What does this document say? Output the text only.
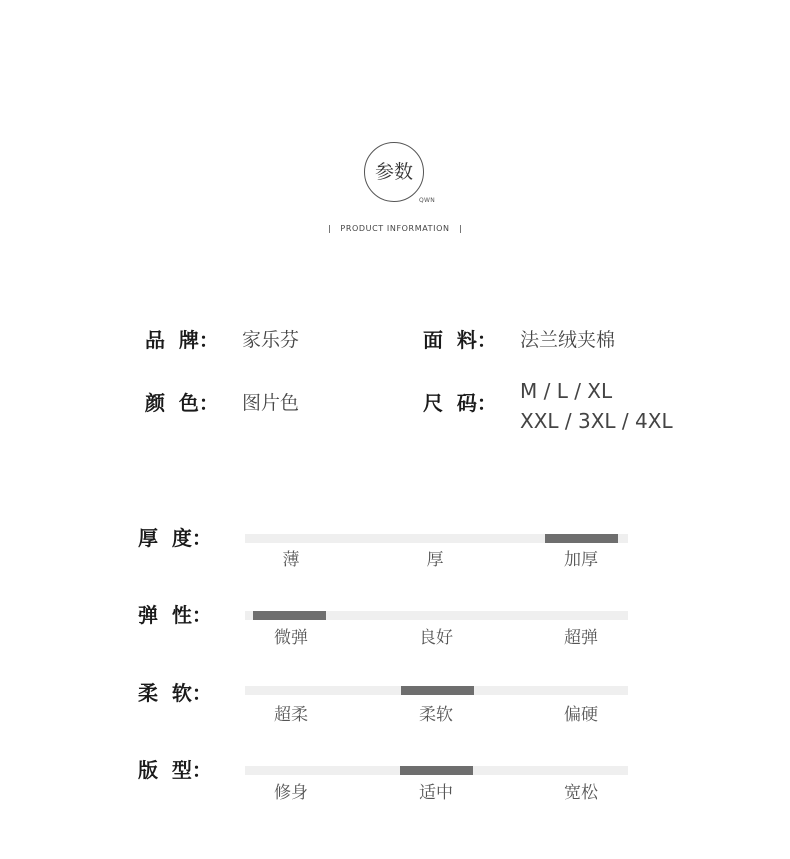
参数
QWN
PRODUCT INFORMATION
品  牌： 家乐芬	面  料： 法兰绒夹棉
颜  色： 图片色	尺  码： M / L / XL
XXL / 3XL / 4XL
厚  度：
薄	厚	加厚
弹  性：
微弹	良好	超弹
柔  软：
超柔	柔软	偏硬
版  型：
修身	适中	宽松
